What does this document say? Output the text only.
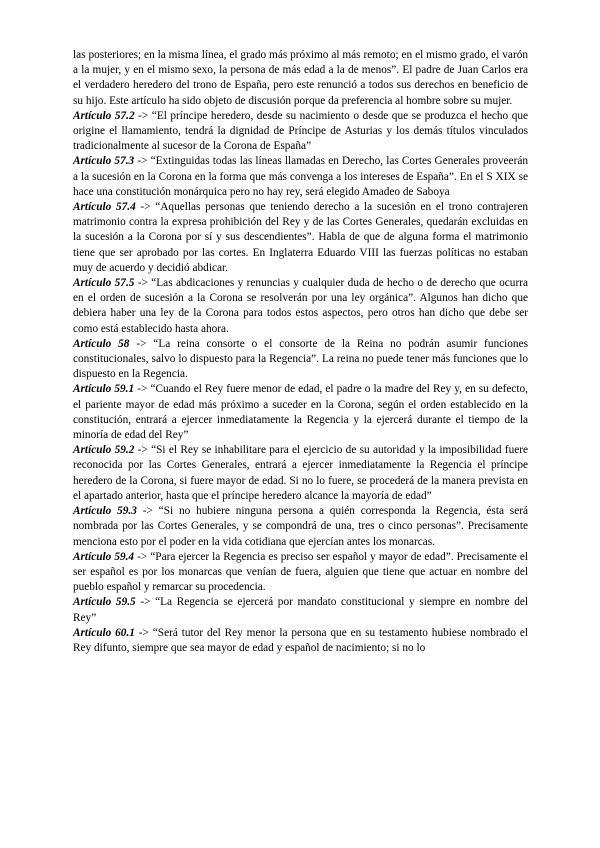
las posteriores; en la misma línea, el grado más próximo al más remoto; en el mismo grado, el varón a la mujer, y en el mismo sexo, la persona de más edad a la de menos”. El padre de Juan Carlos era el verdadero heredero del trono de España, pero este renunció a todos sus derechos en beneficio de su hijo. Este artículo ha sido objeto de discusión porque da preferencia al hombre sobre su mujer.

Artículo 57.2 -> “El príncipe heredero, desde su nacimiento o desde que se produzca el hecho que origine el llamamiento, tendrá la dignidad de Príncipe de Asturias y los demás títulos vinculados tradicionalmente al sucesor de la Corona de España”

Artículo 57.3 -> “Extinguidas todas las líneas llamadas en Derecho, las Cortes Generales proveerán a la sucesión en la Corona en la forma que más convenga a los intereses de España”. En el S XIX se hace una constitución monárquica pero no hay rey, será elegido Amadeo de Saboya

Artículo 57.4 -> “Aquellas personas que teniendo derecho a la sucesión en el trono contrajeren matrimonio contra la expresa prohibición del Rey y de las Cortes Generales, quedarán excluidas en la sucesión a la Corona por sí y sus descendientes”. Habla de que de alguna forma el matrimonio tiene que ser aprobado por las cortes. En Inglaterra Eduardo VIII las fuerzas políticas no estaban muy de acuerdo y decidió abdicar.

Artículo 57.5 -> “Las abdicaciones y renuncias y cualquier duda de hecho o de derecho que ocurra en el orden de sucesión a la Corona se resolverán por una ley orgánica”. Algunos han dicho que debiera haber una ley de la Corona para todos estos aspectos, pero otros han dicho que debe ser como está establecido hasta ahora.

Artículo 58 -> “La reina consorte o el consorte de la Reina no podrán asumir funciones constitucionales, salvo lo dispuesto para la Regencia”. La reina no puede tener más funciones que lo dispuesto en la Regencia.

Artículo 59.1 -> “Cuando el Rey fuere menor de edad, el padre o la madre del Rey y, en su defecto, el pariente mayor de edad más próximo a suceder en la Corona, según el orden establecido en la constitución, entrará a ejercer inmediatamente la Regencia y la ejercerá durante el tiempo de la minoría de edad del Rey”

Artículo 59.2 -> “Si el Rey se inhabilitare para el ejercicio de su autoridad y la imposibilidad fuere reconocida por las Cortes Generales, entrará a ejercer inmediatamente la Regencia el príncipe heredero de la Corona, si fuere mayor de edad. Si no lo fuere, se procederá de la manera prevista en el apartado anterior, hasta que el príncipe heredero alcance la mayoría de edad”

Artículo 59.3 -> “Si no hubiere ninguna persona a quién corresponda la Regencia, ésta será nombrada por las Cortes Generales, y se compondrá de una, tres o cinco personas”. Precisamente menciona esto por el poder en la vida cotidiana que ejercían antes los monarcas.

Artículo 59.4 -> “Para ejercer la Regencia es preciso ser español y mayor de edad”. Precisamente el ser español es por los monarcas que venían de fuera, alguien que tiene que actuar en nombre del pueblo español y remarcar su procedencia.

Artículo 59.5 -> “La Regencia se ejercerá por mandato constitucional y siempre en nombre del Rey”

Artículo 60.1 -> “Será tutor del Rey menor la persona que en su testamento hubiese nombrado el Rey difunto, siempre que sea mayor de edad y español de nacimiento; si no lo
